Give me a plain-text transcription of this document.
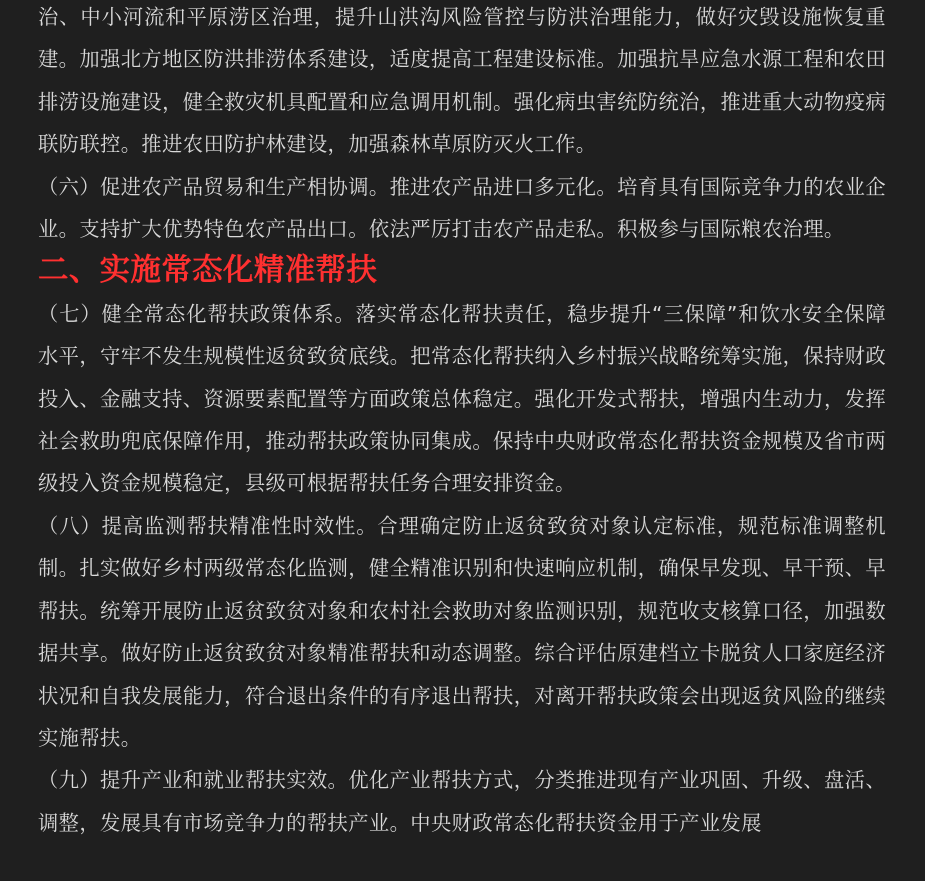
治、中小河流和平原涝区治理，提升山洪沟风险管控与防洪治理能力，做好灾毁设施恢复重建。加强北方地区防洪排涝体系建设，适度提高工程建设标准。加强抗旱应急水源工程和农田排涝设施建设，健全救灾机具配置和应急调用机制。强化病虫害统防统治，推进重大动物疫病联防联控。推进农田防护林建设，加强森林草原防灭火工作。

（六）促进农产品贸易和生产相协调。推进农产品进口多元化。培育具有国际竞争力的农业企业。支持扩大优势特色农产品出口。依法严厉打击农产品走私。积极参与国际粮农治理。

二、实施常态化精准帮扶

（七）健全常态化帮扶政策体系。落实常态化帮扶责任，稳步提升“三保障”和饮水安全保障水平，守牢不发生规模性返贫致贫底线。把常态化帮扶纳入乡村振兴战略统筹实施，保持财政投入、金融支持、资源要素配置等方面政策总体稳定。强化开发式帮扶，增强内生动力，发挥社会救助兜底保障作用，推动帮扶政策协同集成。保持中央财政常态化帮扶资金规模及省市两级投入资金规模稳定，县级可根据帮扶任务合理安排资金。

（八）提高监测帮扶精准性时效性。合理确定防止返贫致贫对象认定标准，规范标准调整机制。扎实做好乡村两级常态化监测，健全精准识别和快速响应机制，确保早发现、早干预、早帮扶。统筹开展防止返贫致贫对象和农村社会救助对象监测识别，规范收支核算口径，加强数据共享。做好防止返贫致贫对象精准帮扶和动态调整。综合评估原建档立卡脱贫人口家庭经济状况和自我发展能力，符合退出条件的有序退出帮扶，对离开帮扶政策会出现返贫风险的继续实施帮扶。

（九）提升产业和就业帮扶实效。优化产业帮扶方式，分类推进现有产业巩固、升级、盘活、调整，发展具有市场竞争力的帮扶产业。中央财政常态化帮扶资金用于产业发展
